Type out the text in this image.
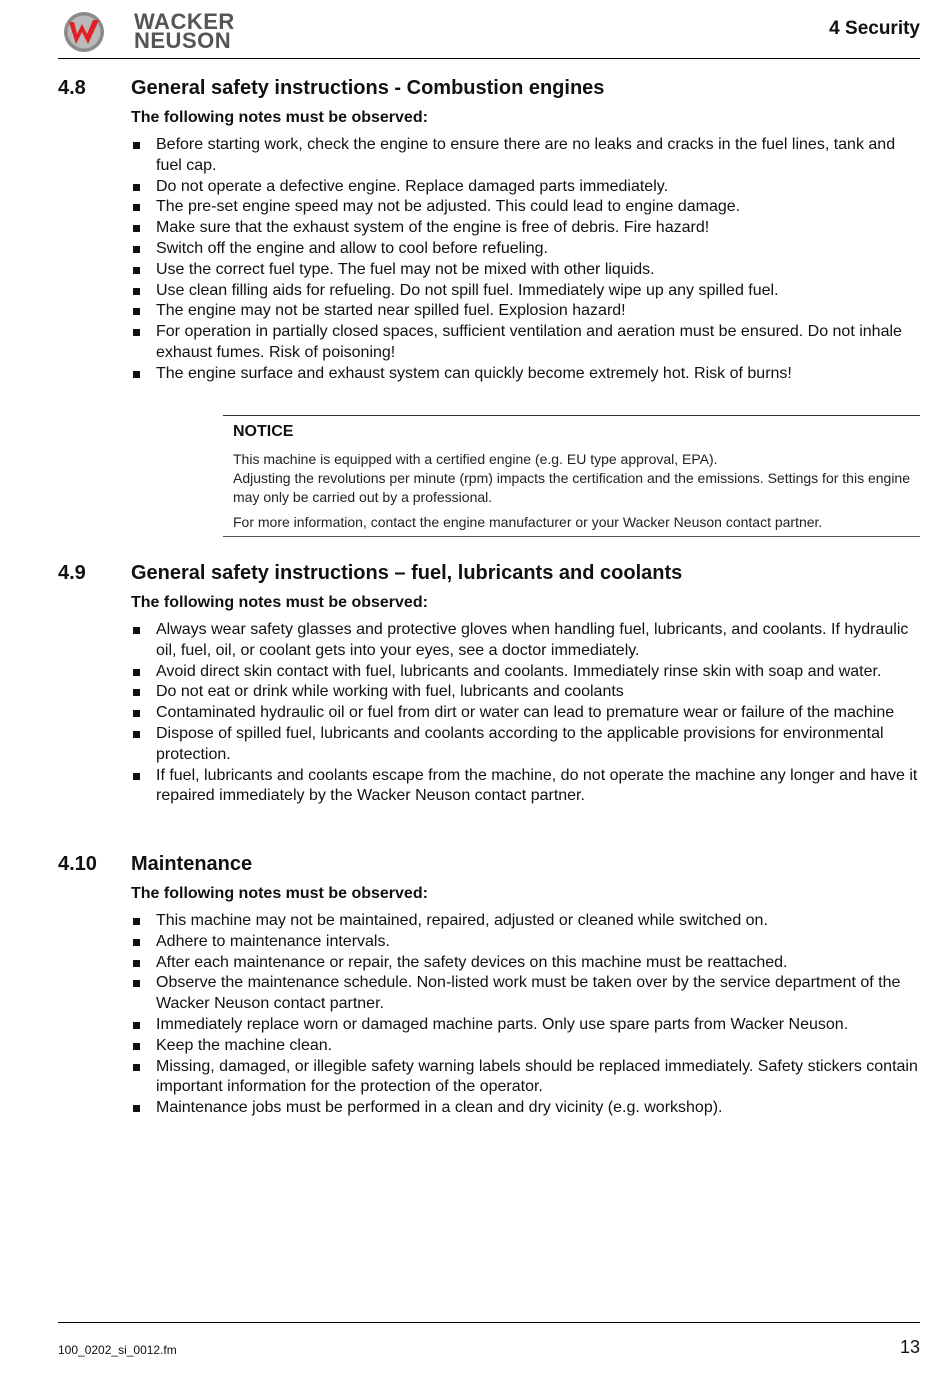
WACKER
NEUSON	4 Security
4.8 General safety instructions - Combustion engines
The following notes must be observed:
Before starting work, check the engine to ensure there are no leaks and cracks in the fuel lines, tank and fuel cap.
Do not operate a defective engine. Replace damaged parts immediately.
The pre-set engine speed may not be adjusted. This could lead to engine damage.
Make sure that the exhaust system of the engine is free of debris. Fire hazard!
Switch off the engine and allow to cool before refueling.
Use the correct fuel type. The fuel may not be mixed with other liquids.
Use clean filling aids for refueling. Do not spill fuel. Immediately wipe up any spilled fuel.
The engine may not be started near spilled fuel. Explosion hazard!
For operation in partially closed spaces, sufficient ventilation and aeration must be ensured. Do not inhale exhaust fumes. Risk of poisoning!
The engine surface and exhaust system can quickly become extremely hot. Risk of burns!
NOTICE
This machine is equipped with a certified engine (e.g. EU type approval, EPA).
Adjusting the revolutions per minute (rpm) impacts the certification and the emissions. Settings for this engine may only be carried out by a professional.
For more information, contact the engine manufacturer or your Wacker Neuson contact partner.
4.9 General safety instructions – fuel, lubricants and coolants
The following notes must be observed:
Always wear safety glasses and protective gloves when handling fuel, lubricants, and coolants. If hydraulic oil, fuel, oil, or coolant gets into your eyes, see a doctor immediately.
Avoid direct skin contact with fuel, lubricants and coolants. Immediately rinse skin with soap and water.
Do not eat or drink while working with fuel, lubricants and coolants
Contaminated hydraulic oil or fuel from dirt or water can lead to premature wear or failure of the machine
Dispose of spilled fuel, lubricants and coolants according to the applicable provisions for environmental protection.
If fuel, lubricants and coolants escape from the machine, do not operate the machine any longer and have it repaired immediately by the Wacker Neuson contact partner.
4.10 Maintenance
The following notes must be observed:
This machine may not be maintained, repaired, adjusted or cleaned while switched on.
Adhere to maintenance intervals.
After each maintenance or repair, the safety devices on this machine must be reattached.
Observe the maintenance schedule. Non-listed work must be taken over by the service department of the Wacker Neuson contact partner.
Immediately replace worn or damaged machine parts. Only use spare parts from Wacker Neuson.
Keep the machine clean.
Missing, damaged, or illegible safety warning labels should be replaced immediately. Safety stickers contain important information for the protection of the operator.
Maintenance jobs must be performed in a clean and dry vicinity (e.g. workshop).
100_0202_si_0012.fm	13
